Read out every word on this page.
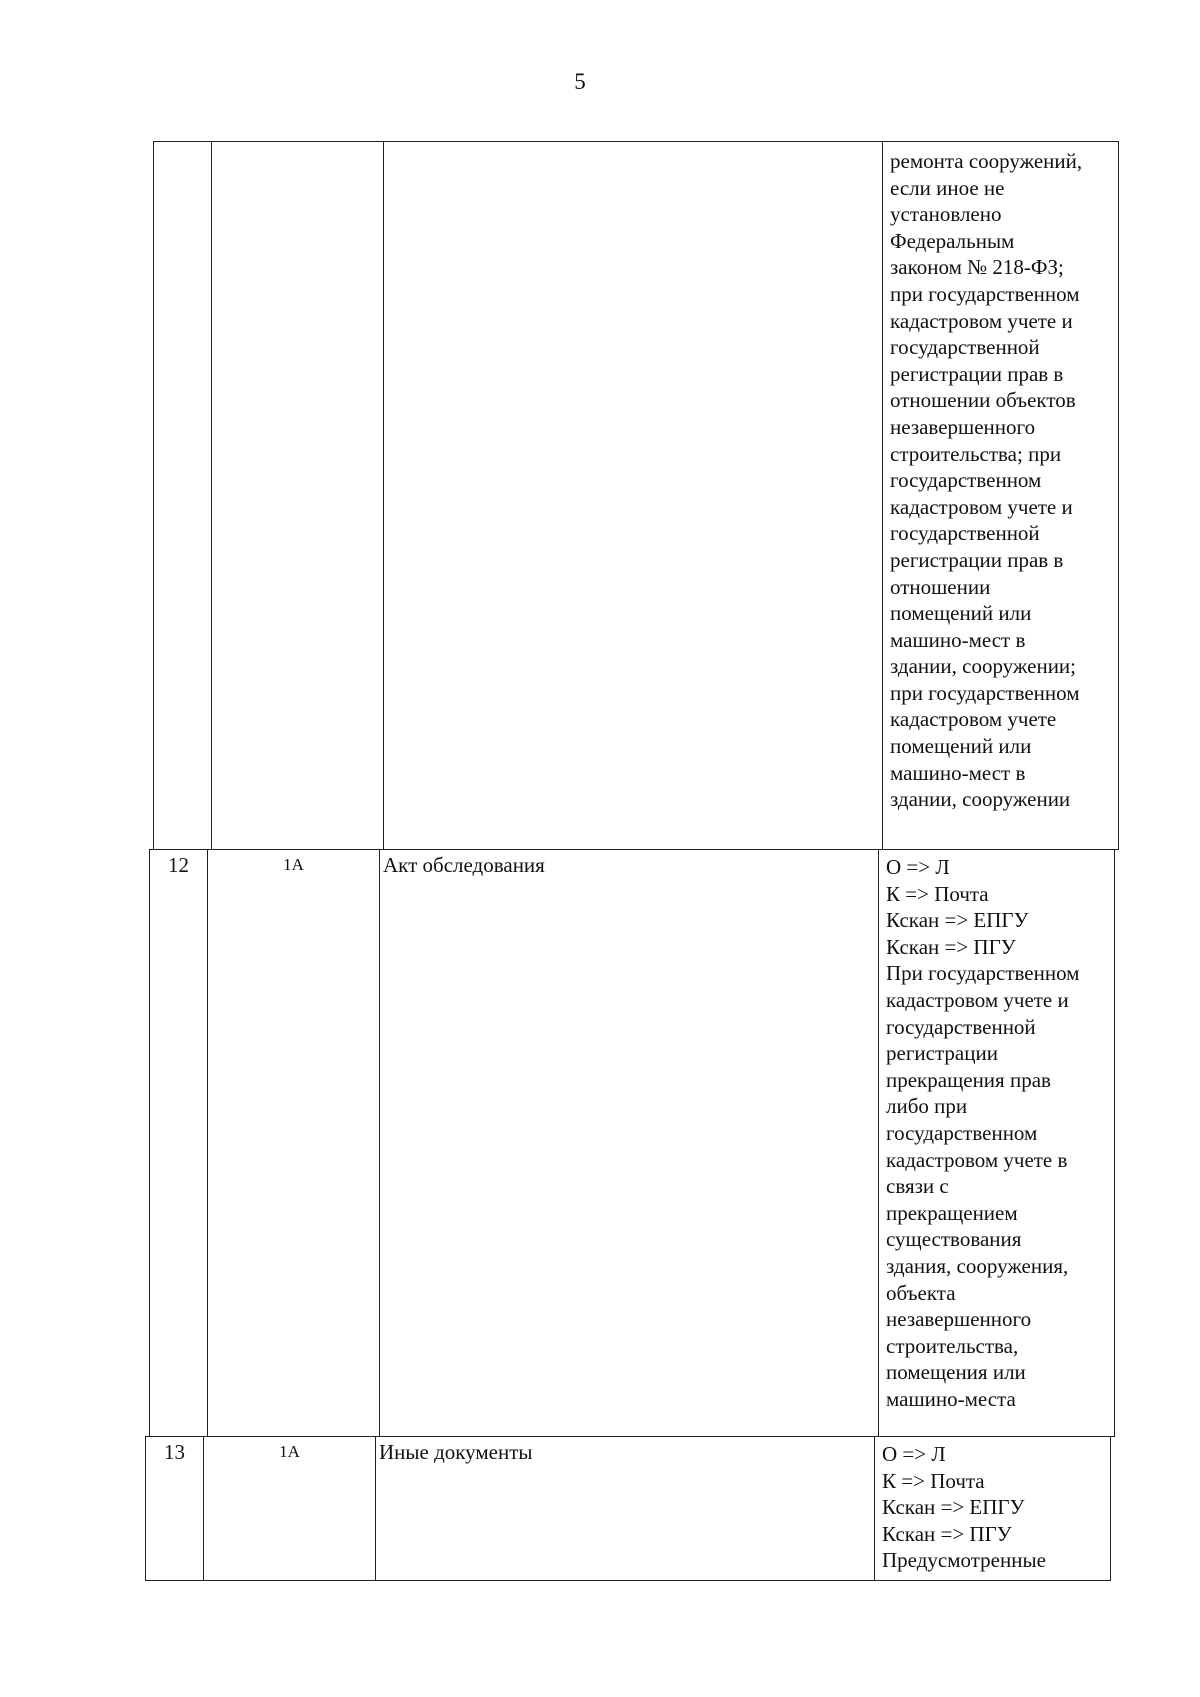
5

ремонта сооружений,
если иное не
установлено
Федеральным
законом № 218-ФЗ;
при государственном
кадастровом учете и
государственной
регистрации прав в
отношении объектов
незавершенного
строительства; при
государственном
кадастровом учете и
государственной
регистрации прав в
отношении
помещений или
машино-мест в
здании, сооружении;
при государственном
кадастровом учете
помещений или
машино-мест в
здании, сооружении
12	1А	Акт обследования	О => Л
К => Почта
Кскан => ЕПГУ
Кскан => ПГУ
При государственном
кадастровом учете и
государственной
регистрации
прекращения прав
либо при
государственном
кадастровом учете в
связи с
прекращением
существования
здания, сооружения,
объекта
незавершенного
строительства,
помещения или
машино-места
13	1А	Иные документы	О => Л
К => Почта
Кскан => ЕПГУ
Кскан => ПГУ
Предусмотренные
